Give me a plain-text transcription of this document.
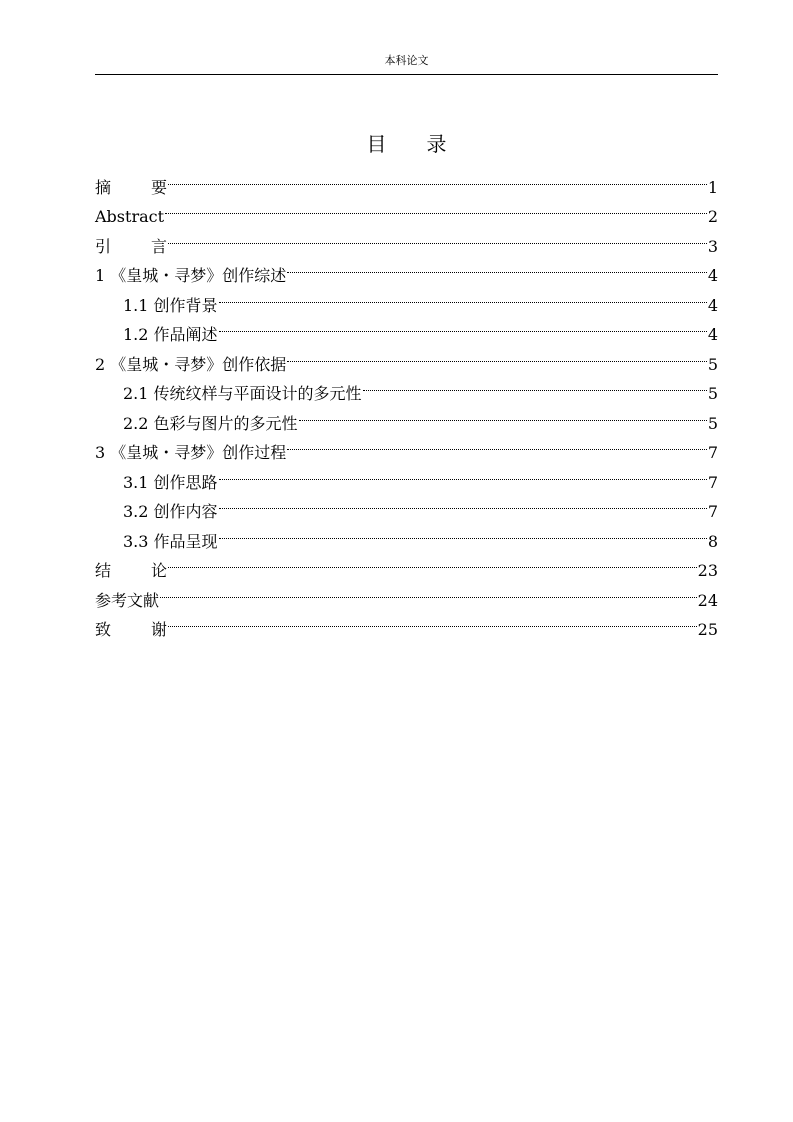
本科论文
目 录
摘	要	1
Abstract	2
引	言	3
1 《皇城・寻梦》创作综述	4
1.1 创作背景	4
1.2 作品阐述	4
2 《皇城・寻梦》创作依据	5
2.1 传统纹样与平面设计的多元性	5
2.2 色彩与图片的多元性	5
3 《皇城・寻梦》创作过程	7
3.1 创作思路	7
3.2 创作内容	7
3.3 作品呈现	8
结	论	23
参考文献	24
致	谢	25
